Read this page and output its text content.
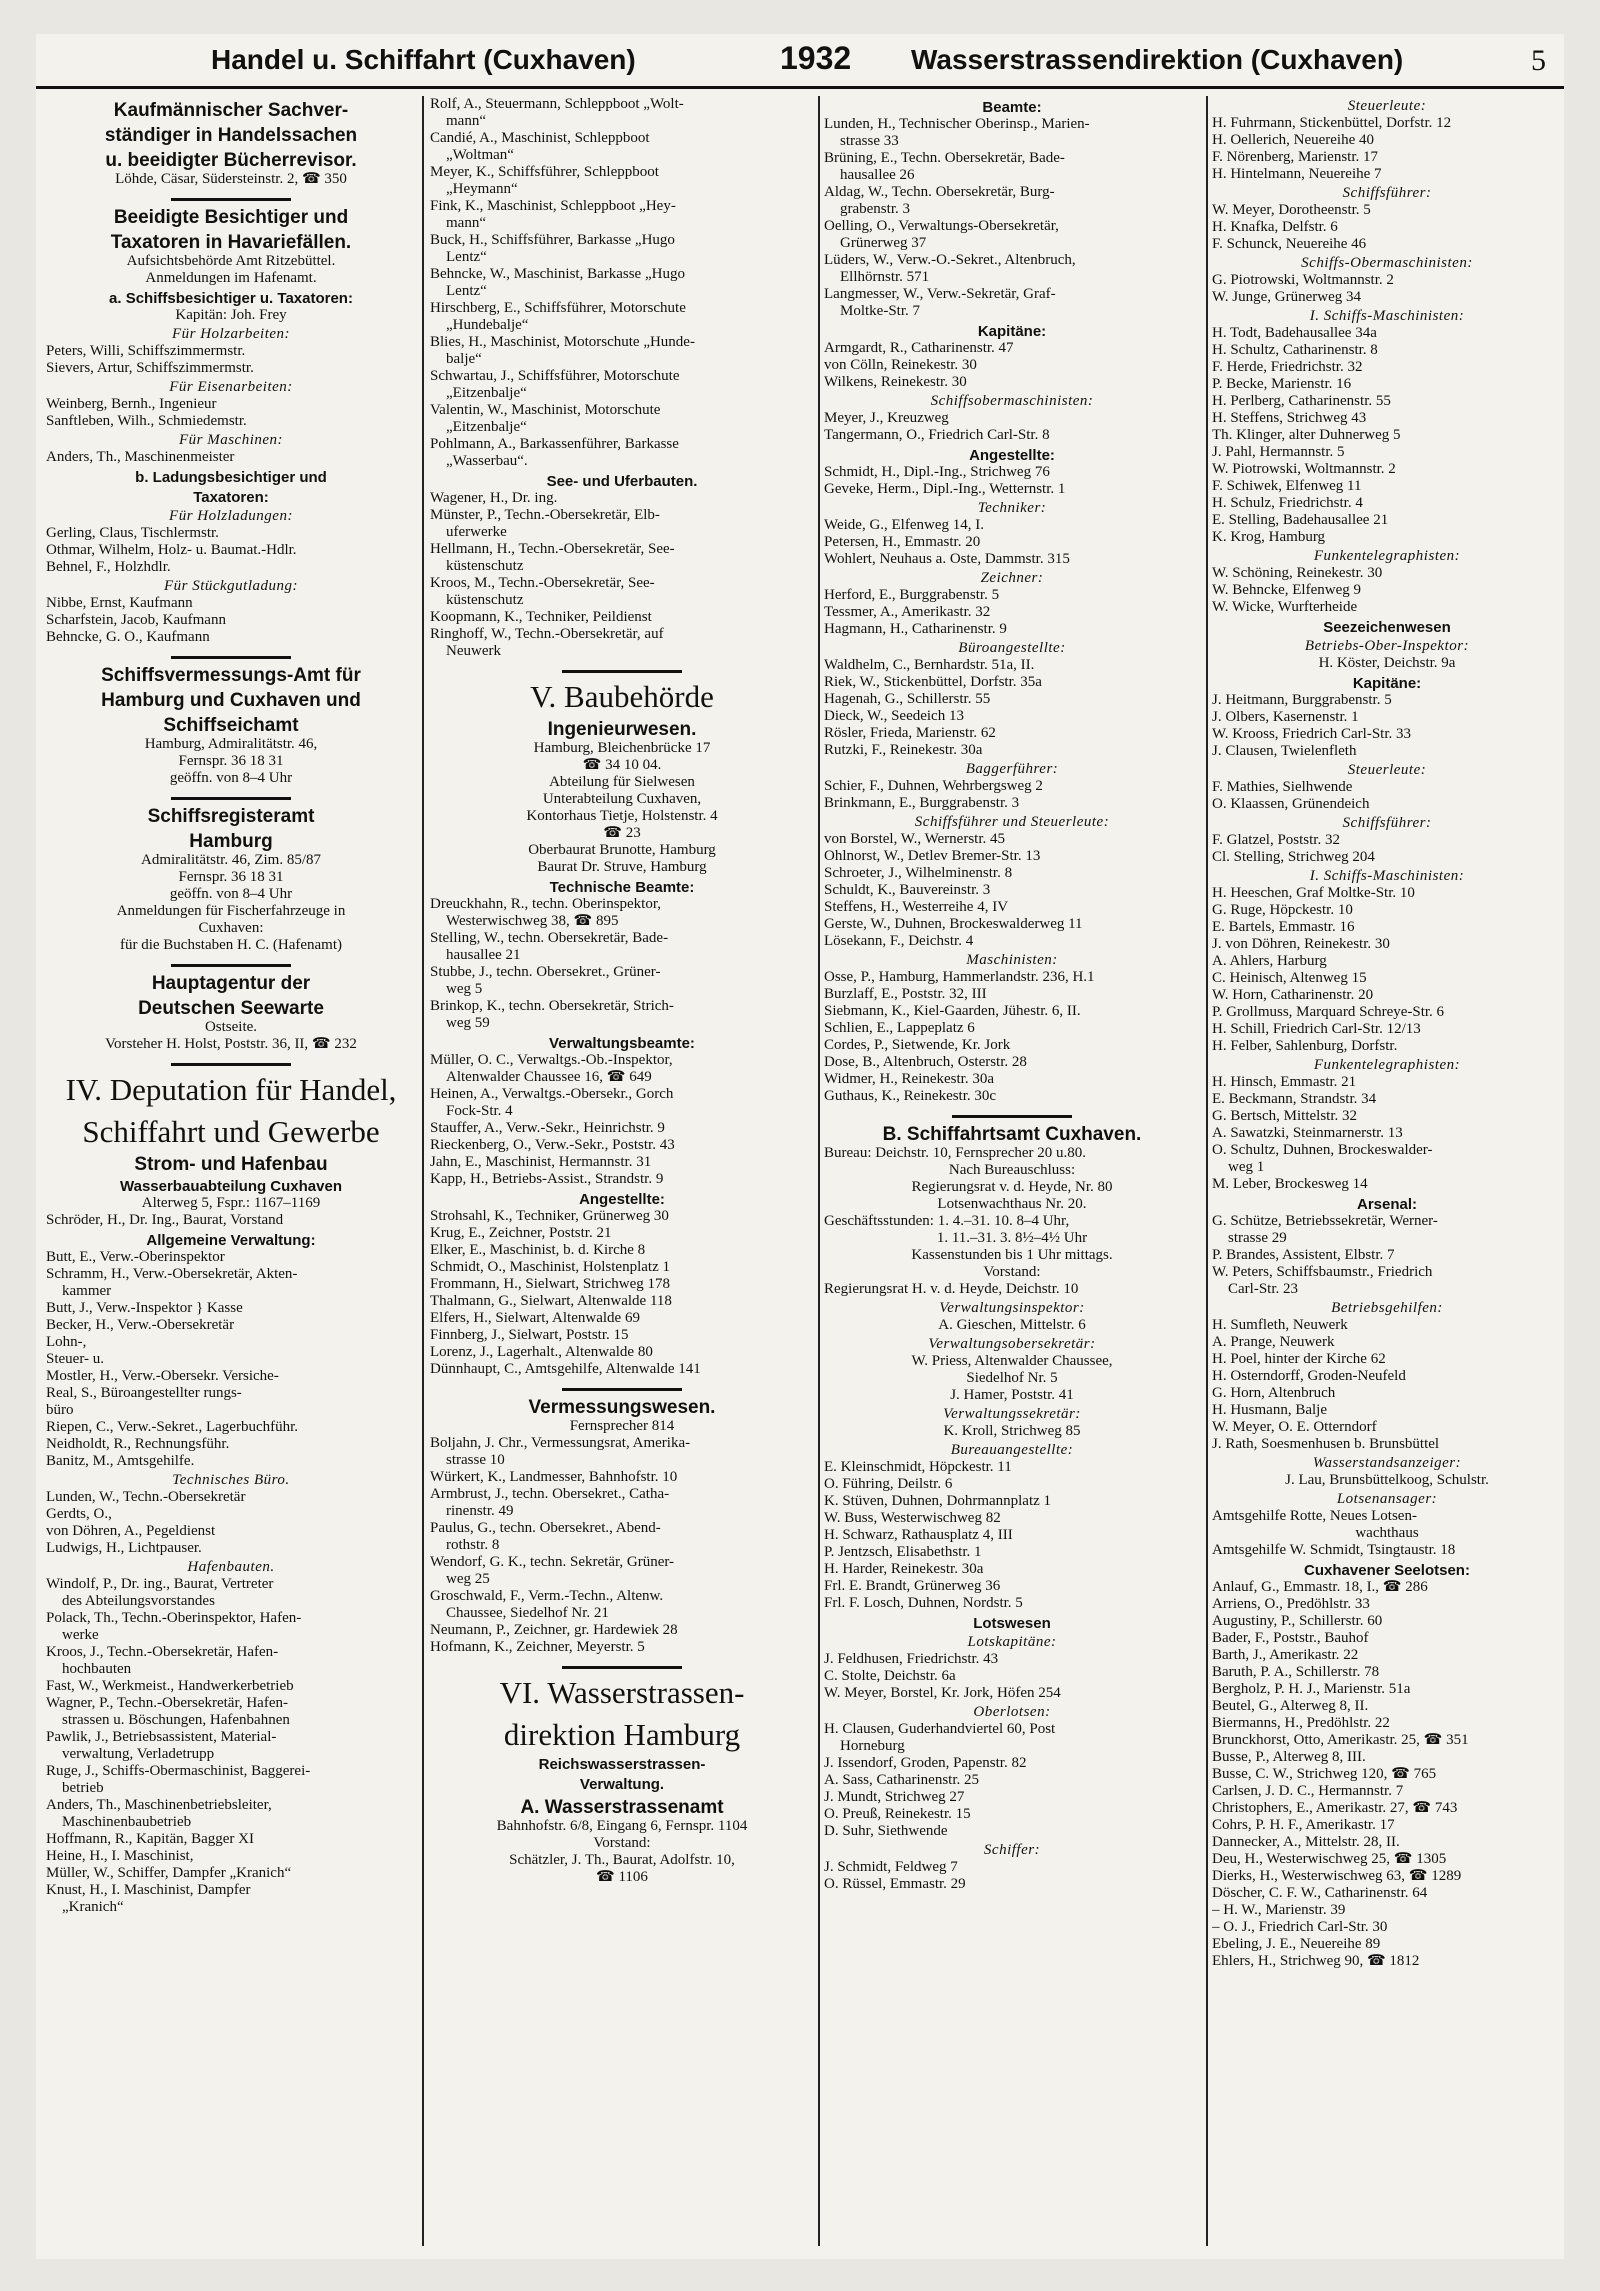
Handel u. Schiffahrt (Cuxhaven)	1932 Wasserstrassendirektion (Cuxhaven)	5
Kaufmännischer Sachver-
ständiger in Handelssachen
u. beeidigter Bücherrevisor.
Löhde, Cäsar, Südersteinstr. 2, ☎ 350
Beeidigte Besichtiger und
Taxatoren in Havariefällen.
Aufsichtsbehörde Amt Ritzebüttel.
Anmeldungen im Hafenamt.
a. Schiffsbesichtiger u. Taxatoren:
Kapitän: Joh. Frey
Für Holzarbeiten:
Peters, Willi, Schiffszimmermstr.
Sievers, Artur, Schiffszimmermstr.
Für Eisenarbeiten:
Weinberg, Bernh., Ingenieur
Sanftleben, Wilh., Schmiedemstr.
Für Maschinen:
Anders, Th., Maschinenmeister
b. Ladungsbesichtiger und
Taxatoren:
Für Holzladungen:
Gerling, Claus, Tischlermstr.
Othmar, Wilhelm, Holz- u. Baumat.-Hdlr.
Behnel, F., Holzhdlr.
Für Stückgutladung:
Nibbe, Ernst, Kaufmann
Scharfstein, Jacob, Kaufmann
Behncke, G. O., Kaufmann
Schiffsvermessungs-Amt für
Hamburg und Cuxhaven und
Schiffseichamt
Hamburg, Admiralitätstr. 46,
Fernspr. 36 18 31
geöffn. von 8–4 Uhr
Schiffsregisteramt
Hamburg
Admiralitätstr. 46, Zim. 85/87
Fernspr. 36 18 31
geöffn. von 8–4 Uhr
Anmeldungen für Fischerfahrzeuge in
Cuxhaven:
für die Buchstaben H. C. (Hafenamt)
Hauptagentur der
Deutschen Seewarte
Ostseite.
Vorsteher H. Holst, Poststr. 36, II, ☎ 232
IV. Deputation für Handel,
Schiffahrt und Gewerbe
Strom- und Hafenbau
Wasserbauabteilung Cuxhaven
Alterweg 5, Fspr.: 1167–1169
Schröder, H., Dr. Ing., Baurat, Vorstand
Allgemeine Verwaltung:
Butt, E., Verw.-Oberinspektor
Schramm, H., Verw.-Obersekretär, Akten-
kammer
Butt, J., Verw.-Inspektor } Kasse
Becker, H., Verw.-Obersekretär
Lohn-,
Steuer- u.
Mostler, H., Verw.-Obersekr. Versiche-
Real, S., Büroangestellter rungs-
büro
Riepen, C., Verw.-Sekret., Lagerbuchführ.
Neidholdt, R., Rechnungsführ.
Banitz, M., Amtsgehilfe.
Technisches Büro.
Lunden, W., Techn.-Obersekretär
Gerdts, O.,
von Döhren, A., Pegeldienst
Ludwigs, H., Lichtpauser.
Hafenbauten.
Windolf, P., Dr. ing., Baurat, Vertreter
des Abteilungsvorstandes
Polack, Th., Techn.-Oberinspektor, Hafen-
werke
Kroos, J., Techn.-Obersekretär, Hafen-
hochbauten
Fast, W., Werkmeist., Handwerkerbetrieb
Wagner, P., Techn.-Obersekretär, Hafen-
strassen u. Böschungen, Hafenbahnen
Pawlik, J., Betriebsassistent, Material-
verwaltung, Verladetrupp
Ruge, J., Schiffs-Obermaschinist, Baggerei-
betrieb
Anders, Th., Maschinenbetriebsleiter,
Maschinenbaubetrieb
Hoffmann, R., Kapitän, Bagger XI
Heine, H., I. Maschinist,
Müller, W., Schiffer, Dampfer „Kranich“
Knust, H., I. Maschinist, Dampfer
„Kranich“
Rolf, A., Steuermann, Schleppboot „Wolt-
mann“
Candié, A., Maschinist, Schleppboot
„Woltman“
Meyer, K., Schiffsführer, Schleppboot
„Heymann“
Fink, K., Maschinist, Schleppboot „Hey-
mann“
Buck, H., Schiffsführer, Barkasse „Hugo
Lentz“
Behncke, W., Maschinist, Barkasse „Hugo
Lentz“
Hirschberg, E., Schiffsführer, Motorschute
„Hundebalje“
Blies, H., Maschinist, Motorschute „Hunde-
balje“
Schwartau, J., Schiffsführer, Motorschute
„Eitzenbalje“
Valentin, W., Maschinist, Motorschute
„Eitzenbalje“
Pohlmann, A., Barkassenführer, Barkasse
„Wasserbau“.
See- und Uferbauten.
Wagener, H., Dr. ing.
Münster, P., Techn.-Obersekretär, Elb-
uferwerke
Hellmann, H., Techn.-Obersekretär, See-
küstenschutz
Kroos, M., Techn.-Obersekretär, See-
küstenschutz
Koopmann, K., Techniker, Peildienst
Ringhoff, W., Techn.-Obersekretär, auf
Neuwerk
V. Baubehörde
Ingenieurwesen.
Hamburg, Bleichenbrücke 17
☎ 34 10 04.
Abteilung für Sielwesen
Unterabteilung Cuxhaven,
Kontorhaus Tietje, Holstenstr. 4
☎ 23
Oberbaurat Brunotte, Hamburg
Baurat Dr. Struve, Hamburg
Technische Beamte:
Dreuckhahn, R., techn. Oberinspektor,
Westerwischweg 38, ☎ 895
Stelling, W., techn. Obersekretär, Bade-
hausallee 21
Stubbe, J., techn. Obersekret., Grüner-
weg 5
Brinkop, K., techn. Obersekretär, Strich-
weg 59
Verwaltungsbeamte:
Müller, O. C., Verwaltgs.-Ob.-Inspektor,
Altenwalder Chaussee 16, ☎ 649
Heinen, A., Verwaltgs.-Obersekr., Gorch
Fock-Str. 4
Stauffer, A., Verw.-Sekr., Heinrichstr. 9
Rieckenberg, O., Verw.-Sekr., Poststr. 43
Jahn, E., Maschinist, Hermannstr. 31
Kapp, H., Betriebs-Assist., Strandstr. 9
Angestellte:
Strohsahl, K., Techniker, Grünerweg 30
Krug, E., Zeichner, Poststr. 21
Elker, E., Maschinist, b. d. Kirche 8
Schmidt, O., Maschinist, Holstenplatz 1
Frommann, H., Sielwart, Strichweg 178
Thalmann, G., Sielwart, Altenwalde 118
Elfers, H., Sielwart, Altenwalde 69
Finnberg, J., Sielwart, Poststr. 15
Lorenz, J., Lagerhalt., Altenwalde 80
Dünnhaupt, C., Amtsgehilfe, Altenwalde 141
Vermessungswesen.
Fernsprecher 814
Boljahn, J. Chr., Vermessungsrat, Amerika-
strasse 10
Würkert, K., Landmesser, Bahnhofstr. 10
Armbrust, J., techn. Obersekret., Catha-
rinenstr. 49
Paulus, G., techn. Obersekret., Abend-
rothstr. 8
Wendorf, G. K., techn. Sekretär, Grüner-
weg 25
Groschwald, F., Verm.-Techn., Altenw.
Chaussee, Siedelhof Nr. 21
Neumann, P., Zeichner, gr. Hardewiek 28
Hofmann, K., Zeichner, Meyerstr. 5
VI. Wasserstrassen-
direktion Hamburg
Reichswasserstrassen-
Verwaltung.
A. Wasserstrassenamt
Bahnhofstr. 6/8, Eingang 6, Fernspr. 1104
Vorstand:
Schätzler, J. Th., Baurat, Adolfstr. 10,
☎ 1106
Beamte:
Lunden, H., Technischer Oberinsp., Marien-
strasse 33
Brüning, E., Techn. Obersekretär, Bade-
hausallee 26
Aldag, W., Techn. Obersekretär, Burg-
grabenstr. 3
Oelling, O., Verwaltungs-Obersekretär,
Grünerweg 37
Lüders, W., Verw.-O.-Sekret., Altenbruch,
Ellhörnstr. 571
Langmesser, W., Verw.-Sekretär, Graf-
Moltke-Str. 7
Kapitäne:
Armgardt, R., Catharinenstr. 47
von Cölln, Reinekestr. 30
Wilkens, Reinekestr. 30
Schiffsobermaschinisten:
Meyer, J., Kreuzweg
Tangermann, O., Friedrich Carl-Str. 8
Angestellte:
Schmidt, H., Dipl.-Ing., Strichweg 76
Geveke, Herm., Dipl.-Ing., Wetternstr. 1
Techniker:
Weide, G., Elfenweg 14, I.
Petersen, H., Emmastr. 20
Wohlert, Neuhaus a. Oste, Dammstr. 315
Zeichner:
Herford, E., Burggrabenstr. 5
Tessmer, A., Amerikastr. 32
Hagmann, H., Catharinenstr. 9
Büroangestellte:
Waldhelm, C., Bernhardstr. 51a, II.
Riek, W., Stickenbüttel, Dorfstr. 35a
Hagenah, G., Schillerstr. 55
Dieck, W., Seedeich 13
Rösler, Frieda, Marienstr. 62
Rutzki, F., Reinekestr. 30a
Baggerführer:
Schier, F., Duhnen, Wehrbergsweg 2
Brinkmann, E., Burggrabenstr. 3
Schiffsführer und Steuerleute:
von Borstel, W., Wernerstr. 45
Ohlnorst, W., Detlev Bremer-Str. 13
Schroeter, J., Wilhelminenstr. 8
Schuldt, K., Bauvereinstr. 3
Steffens, H., Westerreihe 4, IV
Gerste, W., Duhnen, Brockeswalderweg 11
Lösekann, F., Deichstr. 4
Maschinisten:
Osse, P., Hamburg, Hammerlandstr. 236, H.1
Burzlaff, E., Poststr. 32, III
Siebmann, K., Kiel-Gaarden, Jühestr. 6, II.
Schlien, E., Lappeplatz 6
Cordes, P., Sietwende, Kr. Jork
Dose, B., Altenbruch, Osterstr. 28
Widmer, H., Reinekestr. 30a
Guthaus, K., Reinekestr. 30c
B. Schiffahrtsamt Cuxhaven.
Bureau: Deichstr. 10, Fernsprecher 20 u.80.
Nach Bureauschluss:
Regierungsrat v. d. Heyde, Nr. 80
Lotsenwachthaus Nr. 20.
Geschäftsstunden: 1. 4.–31. 10. 8–4 Uhr,
1. 11.–31. 3. 8½–4½ Uhr
Kassenstunden bis 1 Uhr mittags.
Vorstand:
Regierungsrat H. v. d. Heyde, Deichstr. 10
Verwaltungsinspektor:
A. Gieschen, Mittelstr. 6
Verwaltungsobersekretär:
W. Priess, Altenwalder Chaussee,
Siedelhof Nr. 5
J. Hamer, Poststr. 41
Verwaltungssekretär:
K. Kroll, Strichweg 85
Bureauangestellte:
E. Kleinschmidt, Höpckestr. 11
O. Führing, Deilstr. 6
K. Stüven, Duhnen, Dohrmannplatz 1
W. Buss, Westerwischweg 82
H. Schwarz, Rathausplatz 4, III
P. Jentzsch, Elisabethstr. 1
H. Harder, Reinekestr. 30a
Frl. E. Brandt, Grünerweg 36
Frl. F. Losch, Duhnen, Nordstr. 5
Lotswesen
Lotskapitäne:
J. Feldhusen, Friedrichstr. 43
C. Stolte, Deichstr. 6a
W. Meyer, Borstel, Kr. Jork, Höfen 254
Oberlotsen:
H. Clausen, Guderhandviertel 60, Post
Horneburg
J. Issendorf, Groden, Papenstr. 82
A. Sass, Catharinenstr. 25
J. Mundt, Strichweg 27
O. Preuß, Reinekestr. 15
D. Suhr, Siethwende
Schiffer:
J. Schmidt, Feldweg 7
O. Rüssel, Emmastr. 29
Steuerleute:
H. Fuhrmann, Stickenbüttel, Dorfstr. 12
H. Oellerich, Neuereihe 40
F. Nörenberg, Marienstr. 17
H. Hintelmann, Neuereihe 7
Schiffsführer:
W. Meyer, Dorotheenstr. 5
H. Knafka, Delfstr. 6
F. Schunck, Neuereihe 46
Schiffs-Obermaschinisten:
G. Piotrowski, Woltmannstr. 2
W. Junge, Grünerweg 34
I. Schiffs-Maschinisten:
H. Todt, Badehausallee 34a
H. Schultz, Catharinenstr. 8
F. Herde, Friedrichstr. 32
P. Becke, Marienstr. 16
H. Perlberg, Catharinenstr. 55
H. Steffens, Strichweg 43
Th. Klinger, alter Duhnerweg 5
J. Pahl, Hermannstr. 5
W. Piotrowski, Woltmannstr. 2
F. Schiwek, Elfenweg 11
H. Schulz, Friedrichstr. 4
E. Stelling, Badehausallee 21
K. Krog, Hamburg
Funkentelegraphisten:
W. Schöning, Reinekestr. 30
W. Behncke, Elfenweg 9
W. Wicke, Wurfterheide
Seezeichenwesen
Betriebs-Ober-Inspektor:
H. Köster, Deichstr. 9a
Kapitäne:
J. Heitmann, Burggrabenstr. 5
J. Olbers, Kasernenstr. 1
W. Krooss, Friedrich Carl-Str. 33
J. Clausen, Twielenfleth
Steuerleute:
F. Mathies, Sielhwende
O. Klaassen, Grünendeich
Schiffsführer:
F. Glatzel, Poststr. 32
Cl. Stelling, Strichweg 204
I. Schiffs-Maschinisten:
H. Heeschen, Graf Moltke-Str. 10
G. Ruge, Höpckestr. 10
E. Bartels, Emmastr. 16
J. von Döhren, Reinekestr. 30
A. Ahlers, Harburg
C. Heinisch, Altenweg 15
W. Horn, Catharinenstr. 20
P. Grollmuss, Marquard Schreye-Str. 6
H. Schill, Friedrich Carl-Str. 12/13
H. Felber, Sahlenburg, Dorfstr.
Funkentelegraphisten:
H. Hinsch, Emmastr. 21
E. Beckmann, Strandstr. 34
G. Bertsch, Mittelstr. 32
A. Sawatzki, Steinmarnerstr. 13
O. Schultz, Duhnen, Brockeswalder-
weg 1
M. Leber, Brockesweg 14
Arsenal:
G. Schütze, Betriebssekretär, Werner-
strasse 29
P. Brandes, Assistent, Elbstr. 7
W. Peters, Schiffsbaumstr., Friedrich
Carl-Str. 23
Betriebsgehilfen:
H. Sumfleth, Neuwerk
A. Prange, Neuwerk
H. Poel, hinter der Kirche 62
H. Osterndorff, Groden-Neufeld
G. Horn, Altenbruch
H. Husmann, Balje
W. Meyer, O. E. Otterndorf
J. Rath, Soesmenhusen b. Brunsbüttel
Wasserstandsanzeiger:
J. Lau, Brunsbüttelkoog, Schulstr.
Lotsenansager:
Amtsgehilfe Rotte, Neues Lotsen-
wachthaus
Amtsgehilfe W. Schmidt, Tsingtaustr. 18
Cuxhavener Seelotsen:
Anlauf, G., Emmastr. 18, I., ☎ 286
Arriens, O., Predöhlstr. 33
Augustiny, P., Schillerstr. 60
Bader, F., Poststr., Bauhof
Barth, J., Amerikastr. 22
Baruth, P. A., Schillerstr. 78
Bergholz, P. H. J., Marienstr. 51a
Beutel, G., Alterweg 8, II.
Biermanns, H., Predöhlstr. 22
Brunckhorst, Otto, Amerikastr. 25, ☎ 351
Busse, P., Alterweg 8, III.
Busse, C. W., Strichweg 120, ☎ 765
Carlsen, J. D. C., Hermannstr. 7
Christophers, E., Amerikastr. 27, ☎ 743
Cohrs, P. H. F., Amerikastr. 17
Dannecker, A., Mittelstr. 28, II.
Deu, H., Westerwischweg 25, ☎ 1305
Dierks, H., Westerwischweg 63, ☎ 1289
Döscher, C. F. W., Catharinenstr. 64
– H. W., Marienstr. 39
– O. J., Friedrich Carl-Str. 30
Ebeling, J. E., Neuereihe 89
Ehlers, H., Strichweg 90, ☎ 1812
